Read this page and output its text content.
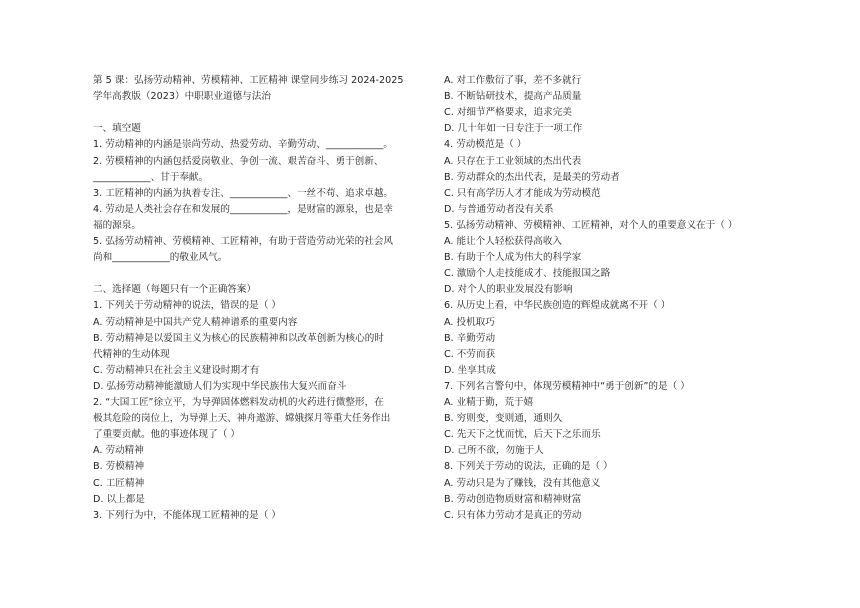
第 5 课：弘扬劳动精神、劳模精神、工匠精神 课堂同步练习 2024-2025
学年高教版（2023）中职职业道德与法治
一、填空题
1. 劳动精神的内涵是崇尚劳动、热爱劳动、辛勤劳动、____________。
2. 劳模精神的内涵包括爱岗敬业、争创一流、艰苦奋斗、勇于创新、
____________、甘于奉献。
3. 工匠精神的内涵为执着专注、____________、一丝不苟、追求卓越。
4. 劳动是人类社会存在和发展的____________，是财富的源泉，也是幸
福的源泉。
5. 弘扬劳动精神、劳模精神、工匠精神，有助于营造劳动光荣的社会风
尚和____________的敬业风气。
二、选择题（每题只有一个正确答案）
1. 下列关于劳动精神的说法，错误的是（ ）
A. 劳动精神是中国共产党人精神谱系的重要内容
B. 劳动精神是以爱国主义为核心的民族精神和以改革创新为核心的时
代精神的生动体现
C. 劳动精神只在社会主义建设时期才有
D. 弘扬劳动精神能激励人们为实现中华民族伟大复兴而奋斗
2. “大国工匠”徐立平，为导弹固体燃料发动机的火药进行微整形，在
极其危险的岗位上，为导弹上天、神舟遨游、嫦娥探月等重大任务作出
了重要贡献。他的事迹体现了（ ）
A. 劳动精神
B. 劳模精神
C. 工匠精神
D. 以上都是
3. 下列行为中，不能体现工匠精神的是（ ）
A. 对工作敷衍了事，差不多就行
B. 不断钻研技术，提高产品质量
C. 对细节严格要求，追求完美
D. 几十年如一日专注于一项工作
4. 劳动模范是（ ）
A. 只存在于工业领域的杰出代表
B. 劳动群众的杰出代表，是最美的劳动者
C. 只有高学历人才才能成为劳动模范
D. 与普通劳动者没有关系
5. 弘扬劳动精神、劳模精神、工匠精神，对个人的重要意义在于（ ）
A. 能让个人轻松获得高收入
B. 有助于个人成为伟大的科学家
C. 激励个人走技能成才、技能报国之路
D. 对个人的职业发展没有影响
6. 从历史上看，中华民族创造的辉煌成就离不开（ ）
A. 投机取巧
B. 辛勤劳动
C. 不劳而获
D. 坐享其成
7. 下列名言警句中，体现劳模精神中“勇于创新”的是（ ）
A. 业精于勤，荒于嬉
B. 穷则变，变则通，通则久
C. 先天下之忧而忧，后天下之乐而乐
D. 己所不欲，勿施于人
8. 下列关于劳动的说法，正确的是（ ）
A. 劳动只是为了赚钱，没有其他意义
B. 劳动创造物质财富和精神财富
C. 只有体力劳动才是真正的劳动
